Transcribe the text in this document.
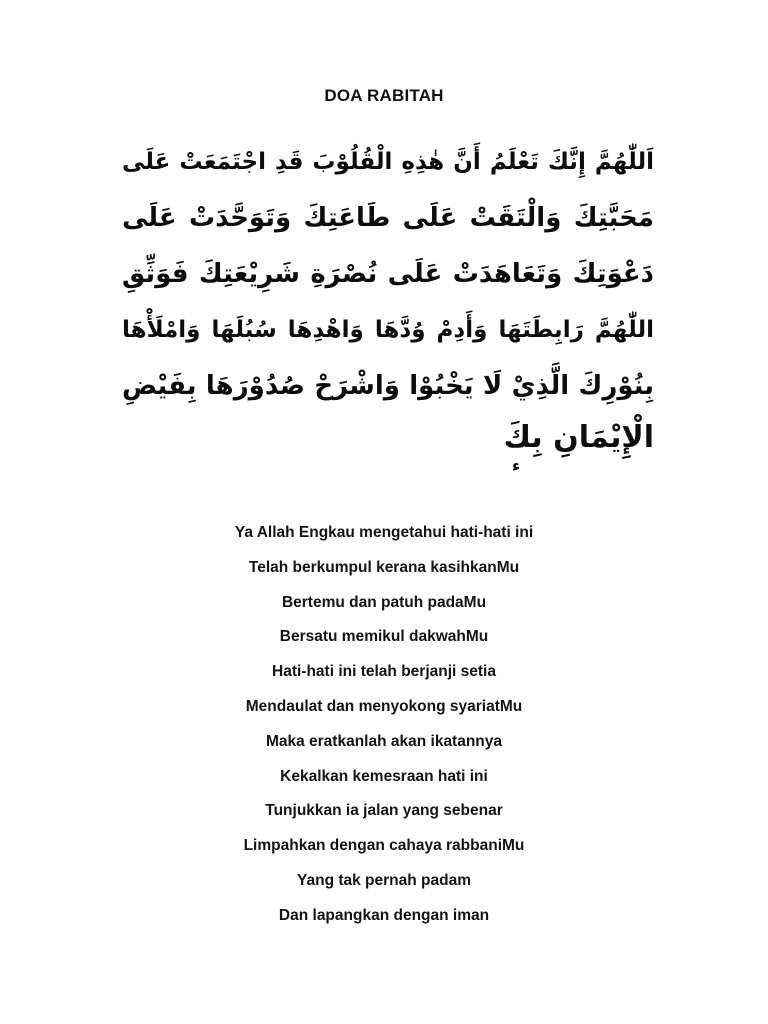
DOA RABITAH
اَللّٰهُمَّ إِنَّكَ تَعْلَمُ أَنَّ هٰذِهِ الْقُلُوْبَ قَدِ اجْتَمَعَتْ عَلَى
مَحَبَّتِكَ وَالْتَقَتْ عَلَى طَاعَتِكَ وَتَوَحَّدَتْ عَلَى
دَعْوَتِكَ وَتَعَاهَدَتْ عَلَى نُصْرَةِ شَرِيْعَتِكَ فَوَثِّقِ
اللّٰهُمَّ رَابِطَتَهَا وَأَدِمْ وُدَّهَا وَاهْدِهَا سُبُلَهَا وَامْلَأْهَا
بِنُوْرِكَ الَّذِيْ لَا يَخْبُوْا وَاشْرَحْ صُدُوْرَهَا بِفَيْضِ
الْإِيْمَانِ بِكَ
ء
Ya Allah Engkau mengetahui hati-hati ini
Telah berkumpul kerana kasihkanMu
Bertemu dan patuh padaMu
Bersatu memikul dakwahMu
Hati-hati ini telah berjanji setia
Mendaulat dan menyokong syariatMu
Maka eratkanlah akan ikatannya
Kekalkan kemesraan hati ini
Tunjukkan ia jalan yang sebenar
Limpahkan dengan cahaya rabbaniMu
Yang tak pernah padam
Dan lapangkan dengan iman
